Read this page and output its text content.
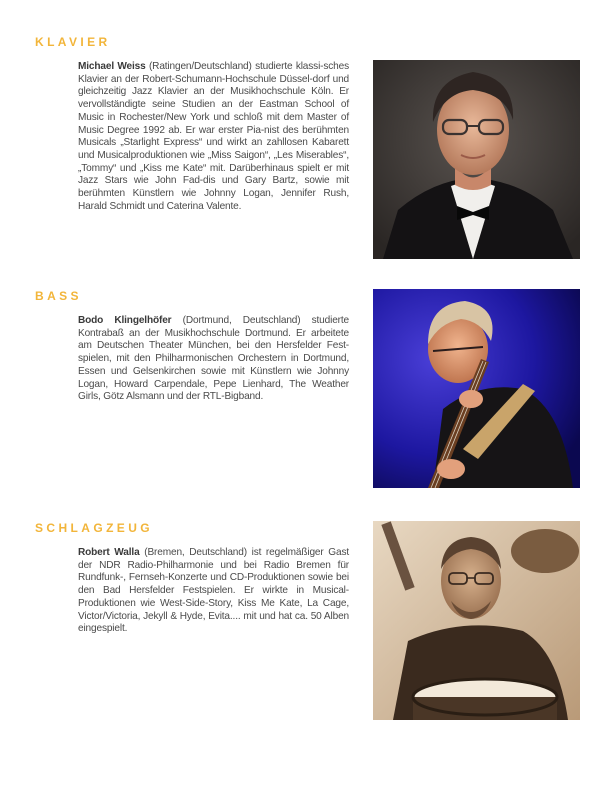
KLAVIER

Michael Weiss (Ratingen/Deutschland) studierte klassi-sches Klavier an der Robert-Schumann-Hochschule Düssel-dorf und gleichzeitig Jazz Klavier an der Musikhochschule Köln. Er vervollständigte seine Studien an der Eastman School of Music in Rochester/New York und schloß mit dem Master of Music Degree 1992 ab. Er war erster Pia-nist des berühmten Musicals „Starlight Express“ und wirkt an zahllosen Kabarett und Musicalproduktionen wie „Miss Saigon“, „Les Miserables“, „Tommy“ und „Kiss me Kate“ mit. Darüberhinaus spielt er mit Jazz Stars wie John Fad-dis und Gary Bartz, sowie mit berühmten Künstlern wie Johnny Logan, Jennifer Rush, Harald Schmidt und Caterina Valente.

BASS

Bodo Klingelhöfer (Dortmund, Deutschland) studierte Kontrabaß an der Musikhochschule Dortmund. Er arbeitete am Deutschen Theater München, bei den Hersfelder Fest-spielen, mit den Philharmonischen Orchestern in Dortmund, Essen und Gelsenkirchen sowie mit Künstlern wie Johnny Logan, Howard Carpendale, Pepe Lienhard, The Weather Girls, Götz Alsmann und der RTL-Bigband.

SCHLAGZEUG

Robert Walla (Bremen, Deutschland) ist regelmäßiger Gast der NDR Radio-Philharmonie und bei Radio Bremen für Rundfunk-, Fernseh-Konzerte und CD-Produktionen sowie bei den Bad Hersfelder Festspielen. Er wirkte in Musical-Produktionen wie West-Side-Story, Kiss Me Kate, La Cage, Victor/Victoria, Jekyll & Hyde, Evita.... mit und hat ca. 50 Alben eingespielt.
